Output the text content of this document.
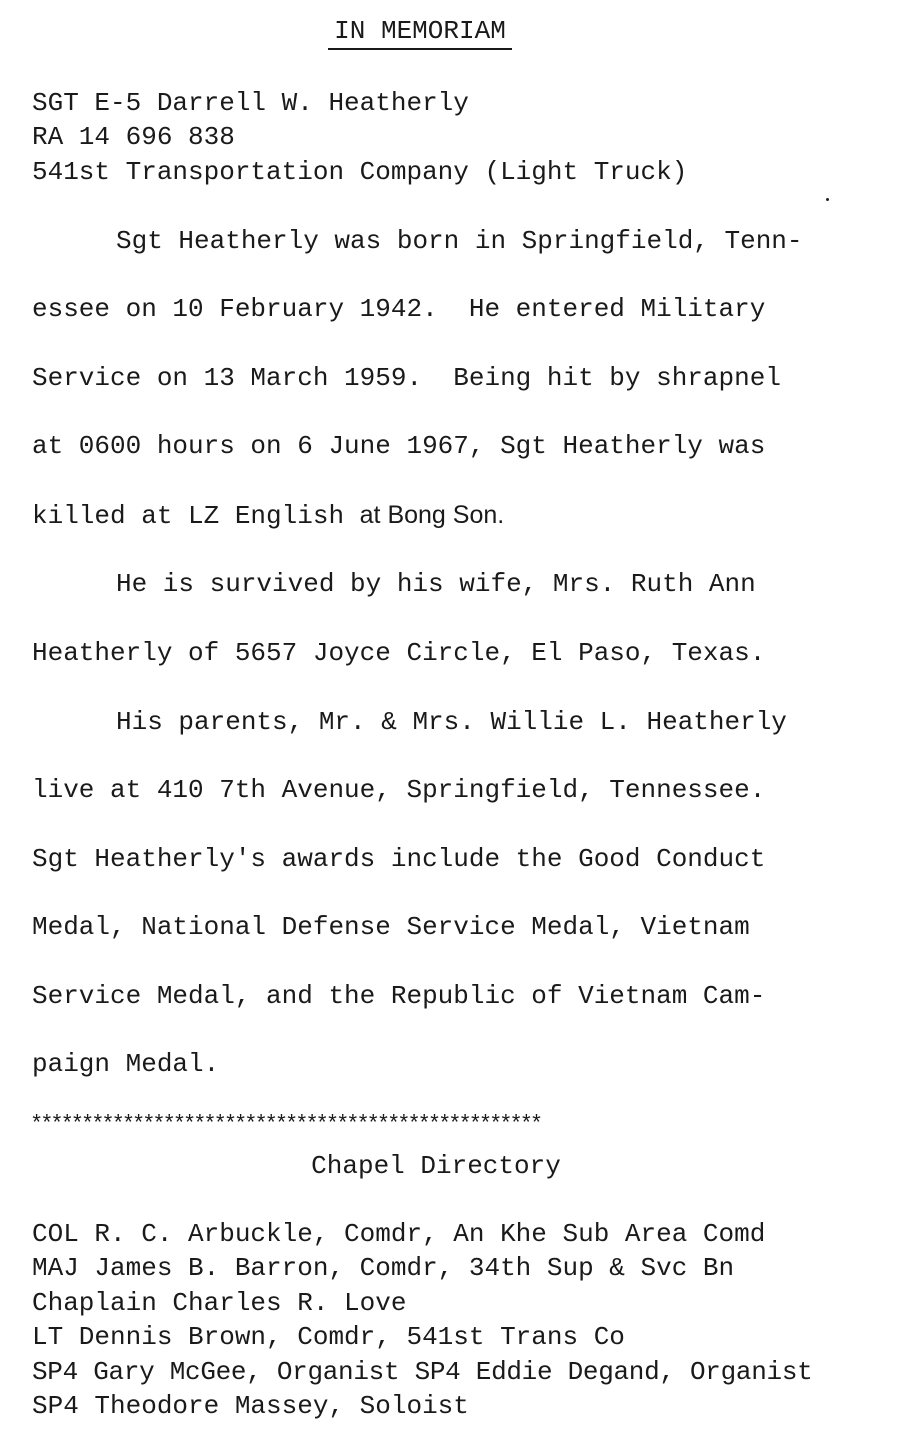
IN MEMORIAM
SGT E-5 Darrell W. Heatherly
RA 14 696 838
541st Transportation Company (Light Truck)
Sgt Heatherly was born in Springfield, Tenn-
essee on 10 February 1942.  He entered Military
Service on 13 March 1959.  Being hit by shrapnel
at 0600 hours on 6 June 1967, Sgt Heatherly was
killed at LZ English at Bong Son.
He is survived by his wife, Mrs. Ruth Ann
Heatherly of 5657 Joyce Circle, El Paso, Texas.
His parents, Mr. & Mrs. Willie L. Heatherly
live at 410 7th Avenue, Springfield, Tennessee.
Sgt Heatherly's awards include the Good Conduct
Medal, National Defense Service Medal, Vietnam
Service Medal, and the Republic of Vietnam Cam-
paign Medal.
**************************************************
Chapel Directory
COL R. C. Arbuckle, Comdr, An Khe Sub Area Comd
MAJ James B. Barron, Comdr, 34th Sup & Svc Bn
Chaplain Charles R. Love
LT Dennis Brown, Comdr, 541st Trans Co
SP4 Gary McGee, Organist SP4 Eddie Degand, Organist
SP4 Theodore Massey, Soloist
